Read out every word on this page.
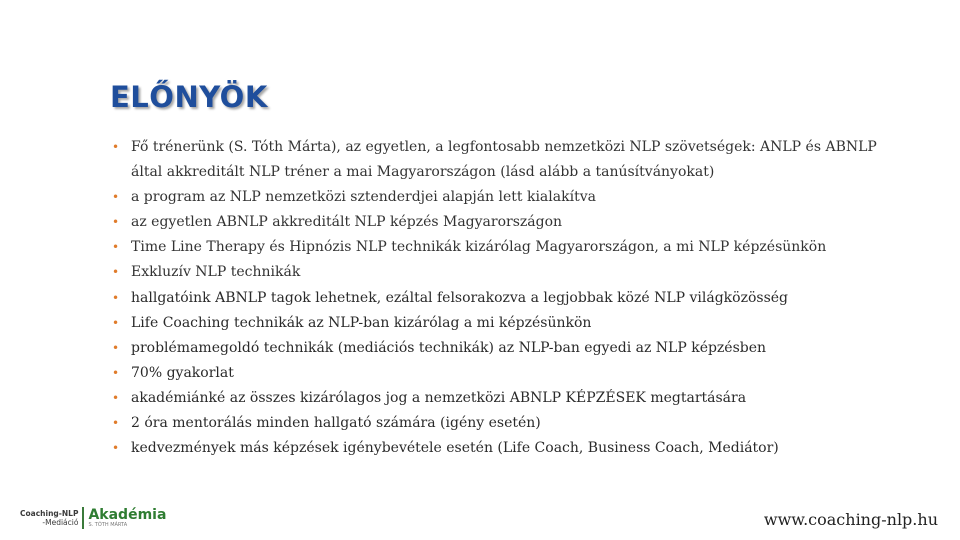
ELŐNYÖK
• Fő trénerünk (S. Tóth Márta), az egyetlen, a legfontosabb nemzetközi NLP szövetségek: ANLP és ABNLP által akkreditált NLP tréner a mai Magyarországon (lásd alább a tanúsítványokat)
• a program az NLP nemzetközi sztenderdjei alapján lett kialakítva
• az egyetlen ABNLP akkreditált NLP képzés Magyarországon
• Time Line Therapy és Hipnózis NLP technikák kizárólag Magyarországon, a mi NLP képzésünkön
• Exkluzív NLP technikák
• hallgatóink ABNLP tagok lehetnek, ezáltal felsorakozva a legjobbak közé NLP világközösség
• Life Coaching technikák az NLP-ban kizárólag a mi képzésünkön
• problémamegoldó technikák (mediációs technikák) az NLP-ban egyedi az NLP képzésben
• 70% gyakorlat
• akadémiánké az összes kizárólagos jog a nemzetközi ABNLP KÉPZÉSEK megtartására
• 2 óra mentorálás minden hallgató számára (igény esetén)
• kedvezmények más képzések igénybevétele esetén (Life Coach, Business Coach, Mediátor)
Coaching-NLP
-Mediáció Akadémia
S. TÓTH MÁRTA	www.coaching-nlp.hu
